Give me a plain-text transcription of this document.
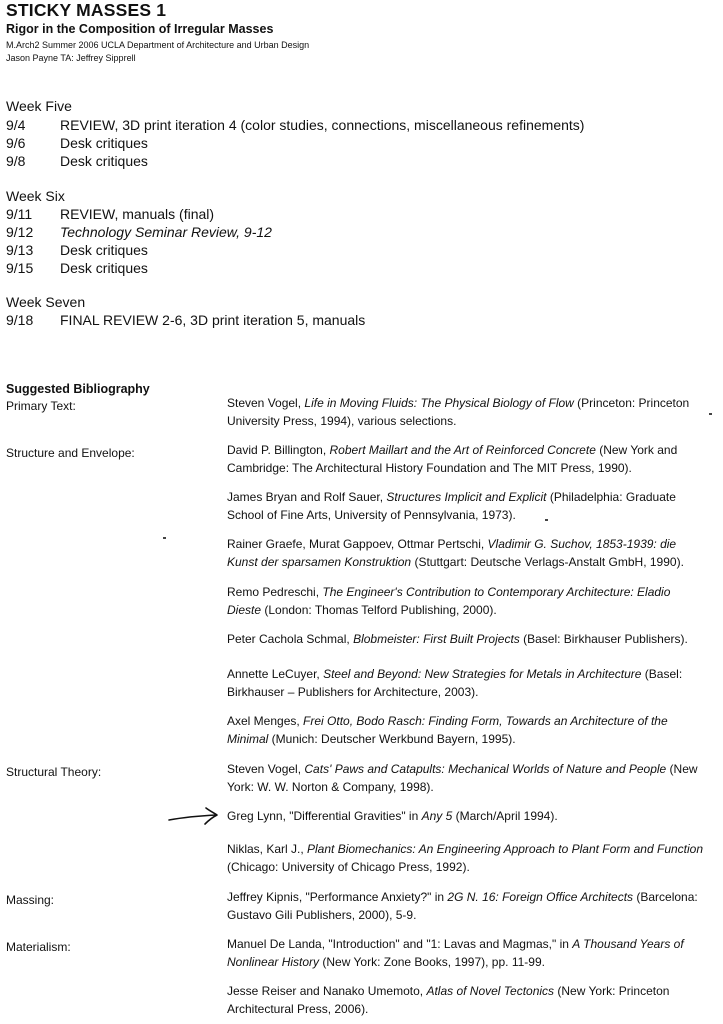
STICKY MASSES 1
Rigor in the Composition of Irregular Masses
M.Arch2 Summer 2006 UCLA Department of Architecture and Urban Design
Jason Payne TA: Jeffrey Sipprell
Week Five
9/4 REVIEW, 3D print iteration 4 (color studies, connections, miscellaneous refinements)
9/6 Desk critiques
9/8 Desk critiques
Week Six
9/11 REVIEW, manuals (final)
9/12 Technology Seminar Review, 9-12
9/13 Desk critiques
9/15 Desk critiques
Week Seven
9/18 FINAL REVIEW 2-6, 3D print iteration 5, manuals
Suggested Bibliography
Primary Text:
Structure and Envelope:
Structural Theory:
Massing:
Materialism:
Steven Vogel, Life in Moving Fluids: The Physical Biology of Flow (Princeton: Princeton University Press, 1994), various selections.
David P. Billington, Robert Maillart and the Art of Reinforced Concrete (New York and Cambridge: The Architectural History Foundation and The MIT Press, 1990).
James Bryan and Rolf Sauer, Structures Implicit and Explicit (Philadelphia: Graduate School of Fine Arts, University of Pennsylvania, 1973).
Rainer Graefe, Murat Gappoev, Ottmar Pertschi, Vladimir G. Suchov, 1853-1939: die Kunst der sparsamen Konstruktion (Stuttgart: Deutsche Verlags-Anstalt GmbH, 1990).
Remo Pedreschi, The Engineer's Contribution to Contemporary Architecture: Eladio Dieste (London: Thomas Telford Publishing, 2000).
Peter Cachola Schmal, Blobmeister: First Built Projects (Basel: Birkhauser Publishers).
Annette LeCuyer, Steel and Beyond: New Strategies for Metals in Architecture (Basel: Birkhauser – Publishers for Architecture, 2003).
Axel Menges, Frei Otto, Bodo Rasch: Finding Form, Towards an Architecture of the Minimal (Munich: Deutscher Werkbund Bayern, 1995).
Steven Vogel, Cats' Paws and Catapults: Mechanical Worlds of Nature and People (New York: W. W. Norton & Company, 1998).
Greg Lynn, "Differential Gravities" in Any 5 (March/April 1994).
Niklas, Karl J., Plant Biomechanics: An Engineering Approach to Plant Form and Function (Chicago: University of Chicago Press, 1992).
Jeffrey Kipnis, "Performance Anxiety?" in 2G N. 16: Foreign Office Architects (Barcelona: Gustavo Gili Publishers, 2000), 5-9.
Manuel De Landa, "Introduction" and "1: Lavas and Magmas," in A Thousand Years of Nonlinear History (New York: Zone Books, 1997), pp. 11-99.
Jesse Reiser and Nanako Umemoto, Atlas of Novel Tectonics (New York: Princeton Architectural Press, 2006).
